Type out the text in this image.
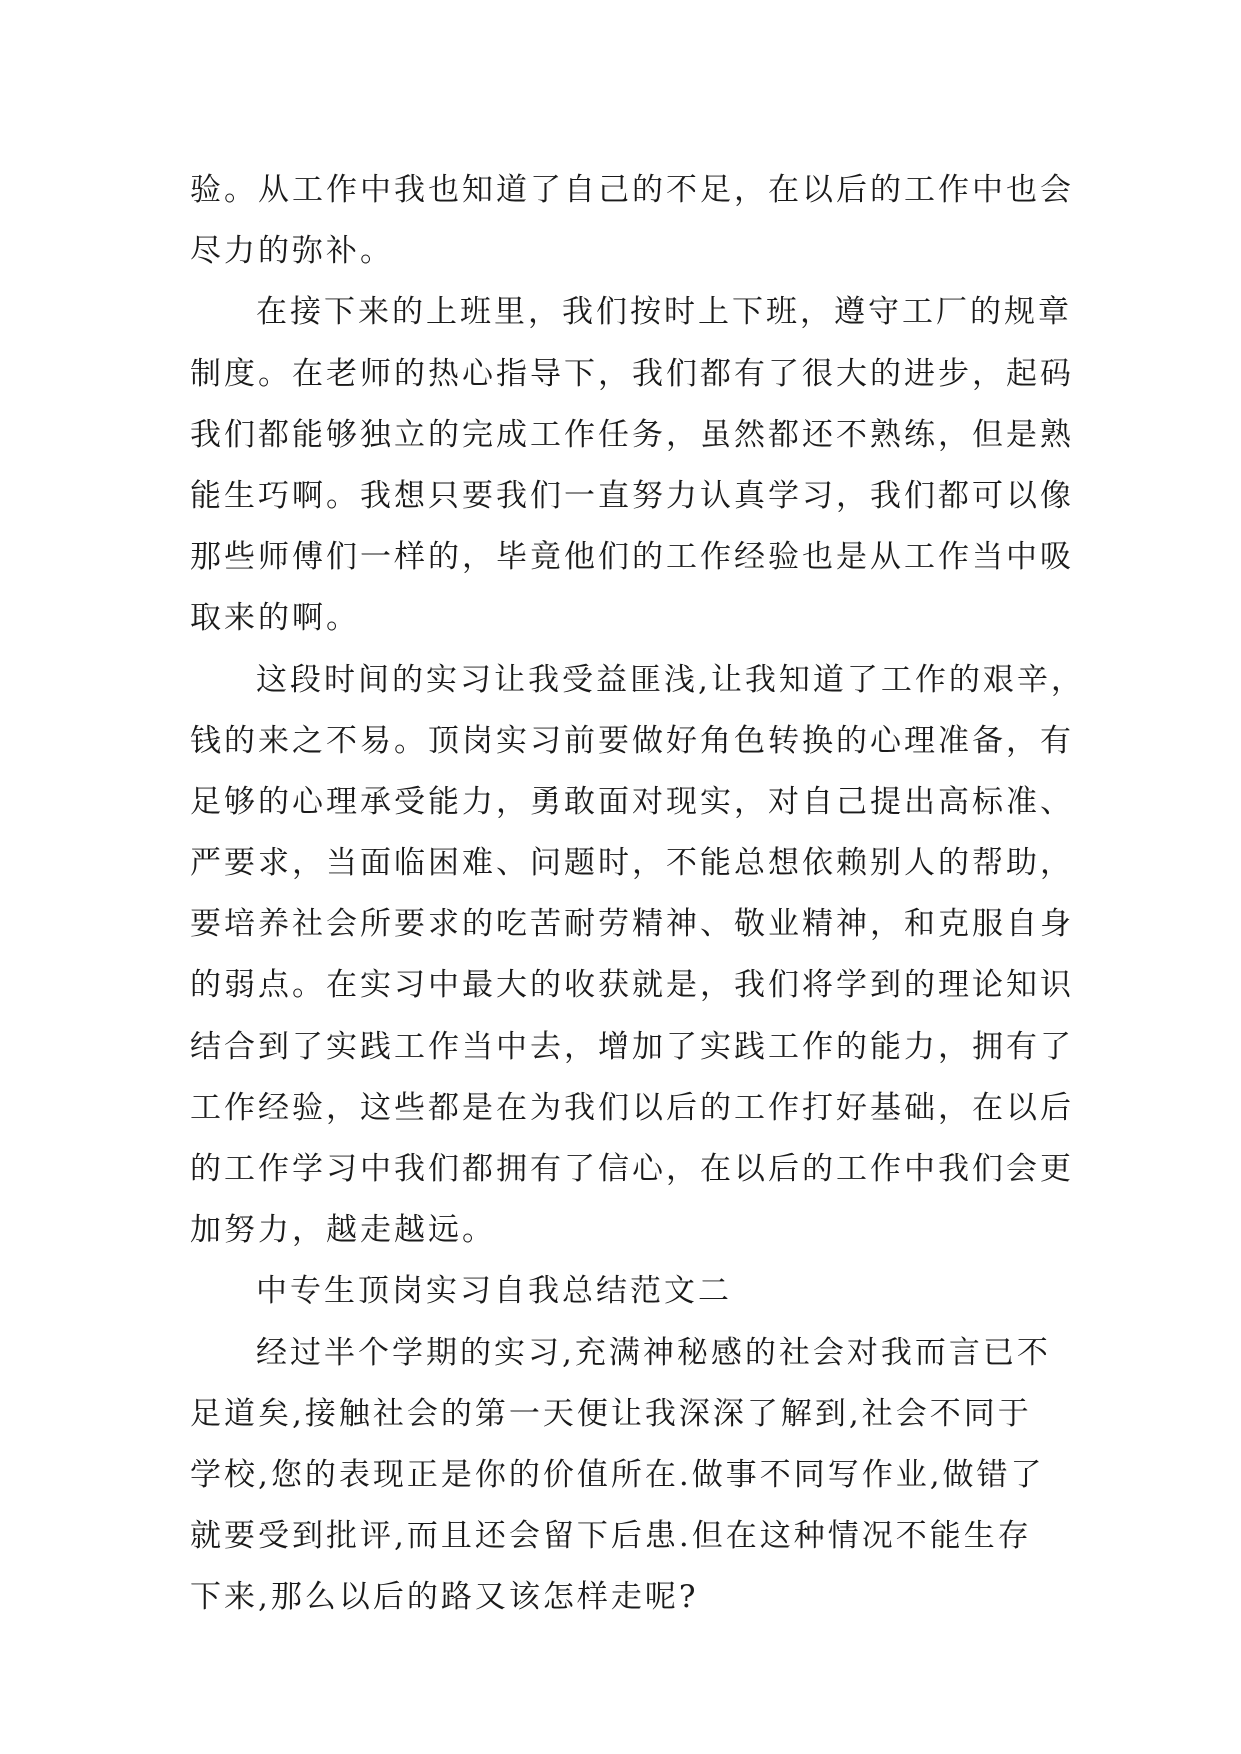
验。从工作中我也知道了自己的不足，在以后的工作中也会
尽力的弥补。
在接下来的上班里，我们按时上下班，遵守工厂的规章
制度。在老师的热心指导下，我们都有了很大的进步，起码
我们都能够独立的完成工作任务，虽然都还不熟练，但是熟
能生巧啊。我想只要我们一直努力认真学习，我们都可以像
那些师傅们一样的，毕竟他们的工作经验也是从工作当中吸
取来的啊。
这段时间的实习让我受益匪浅,让我知道了工作的艰辛，
钱的来之不易。顶岗实习前要做好角色转换的心理准备，有
足够的心理承受能力，勇敢面对现实，对自己提出高标准、
严要求，当面临困难、问题时，不能总想依赖别人的帮助，
要培养社会所要求的吃苦耐劳精神、敬业精神，和克服自身
的弱点。在实习中最大的收获就是，我们将学到的理论知识
结合到了实践工作当中去，增加了实践工作的能力，拥有了
工作经验，这些都是在为我们以后的工作打好基础，在以后
的工作学习中我们都拥有了信心，在以后的工作中我们会更
加努力，越走越远。
中专生顶岗实习自我总结范文二
经过半个学期的实习,充满神秘感的社会对我而言已不
足道矣,接触社会的第一天便让我深深了解到,社会不同于
学校,您的表现正是你的价值所在.做事不同写作业,做错了
就要受到批评,而且还会留下后患.但在这种情况不能生存
下来,那么以后的路又该怎样走呢?
